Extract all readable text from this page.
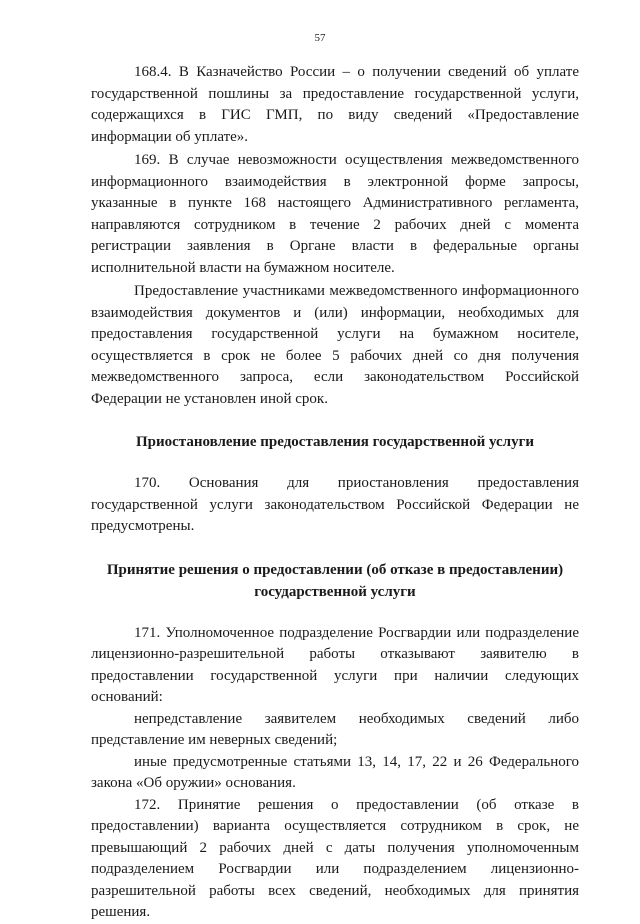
57

168.4. В Казначейство России – о получении сведений об уплате государственной пошлины за предоставление государственной услуги, содержащихся в ГИС ГМП, по виду сведений «Предоставление информации об уплате».

169. В случае невозможности осуществления межведомственного информационного взаимодействия в электронной форме запросы, указанные в пункте 168 настоящего Административного регламента, направляются сотрудником в течение 2 рабочих дней с момента регистрации заявления в Органе власти в федеральные органы исполнительной власти на бумажном носителе.

Предоставление участниками межведомственного информационного взаимодействия документов и (или) информации, необходимых для предоставления государственной услуги на бумажном носителе, осуществляется в срок не более 5 рабочих дней со дня получения межведомственного запроса, если законодательством Российской Федерации не установлен иной срок.

Приостановление предоставления государственной услуги

170. Основания для приостановления предоставления государственной услуги законодательством Российской Федерации не предусмотрены.

Принятие решения о предоставлении (об отказе в предоставлении)
государственной услуги

171. Уполномоченное подразделение Росгвардии или подразделение лицензионно-разрешительной работы отказывают заявителю в предоставлении государственной услуги при наличии следующих оснований:

непредставление заявителем необходимых сведений либо представление им неверных сведений;

иные предусмотренные статьями 13, 14, 17, 22 и 26 Федерального закона «Об оружии» основания.

172. Принятие решения о предоставлении (об отказе в предоставлении) варианта осуществляется сотрудником в срок, не превышающий 2 рабочих дней с даты получения уполномоченным подразделением Росгвардии или подразделением лицензионно-разрешительной работы всех сведений, необходимых для принятия решения.
